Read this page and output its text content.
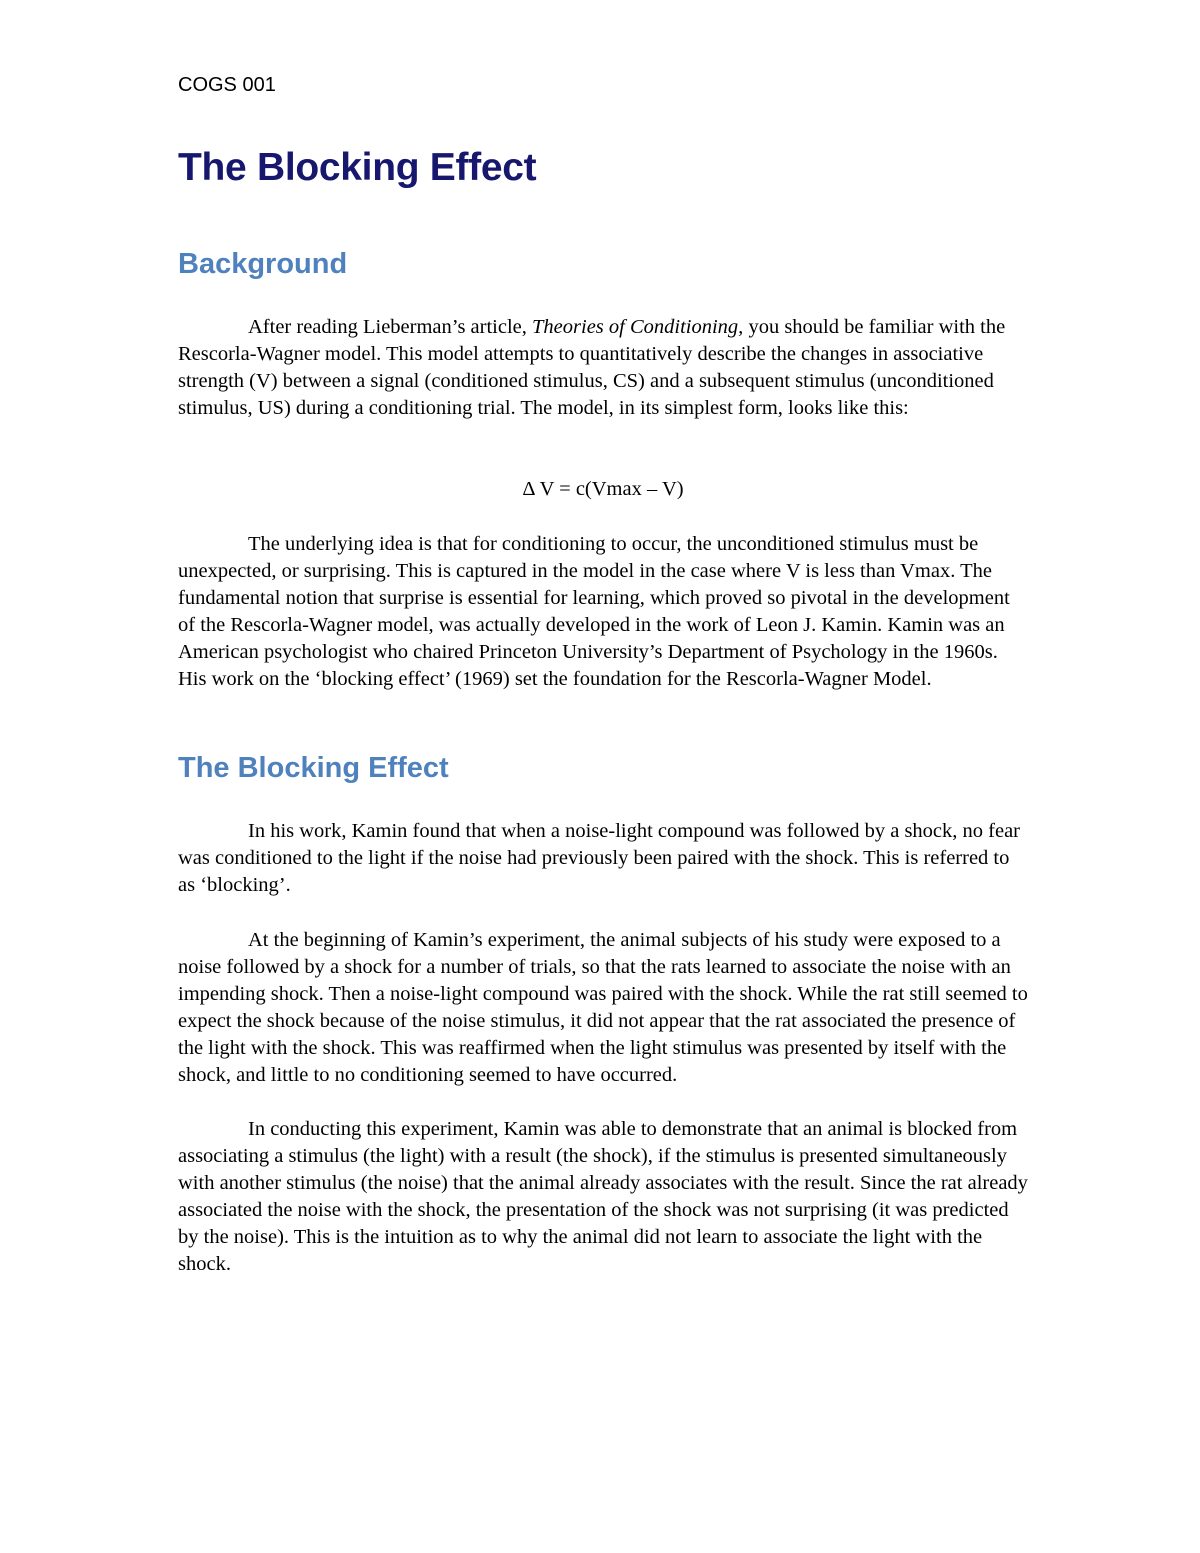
COGS 001
The Blocking Effect
Background

After reading Lieberman’s article, Theories of Conditioning, you should be familiar with the Rescorla-Wagner model. This model attempts to quantitatively describe the changes in associative strength (V) between a signal (conditioned stimulus, CS) and a subsequent stimulus (unconditioned stimulus, US) during a conditioning trial. The model, in its simplest form, looks like this:

Δ V = c(Vmax – V)

The underlying idea is that for conditioning to occur, the unconditioned stimulus must be unexpected, or surprising. This is captured in the model in the case where V is less than Vmax. The fundamental notion that surprise is essential for learning, which proved so pivotal in the development of the Rescorla-Wagner model, was actually developed in the work of Leon J. Kamin. Kamin was an American psychologist who chaired Princeton University’s Department of Psychology in the 1960s. His work on the ‘blocking effect’ (1969) set the foundation for the Rescorla-Wagner Model.

The Blocking Effect

In his work, Kamin found that when a noise-light compound was followed by a shock, no fear was conditioned to the light if the noise had previously been paired with the shock. This is referred to as ‘blocking’.

At the beginning of Kamin’s experiment, the animal subjects of his study were exposed to a noise followed by a shock for a number of trials, so that the rats learned to associate the noise with an impending shock. Then a noise-light compound was paired with the shock. While the rat still seemed to expect the shock because of the noise stimulus, it did not appear that the rat associated the presence of the light with the shock. This was reaffirmed when the light stimulus was presented by itself with the shock, and little to no conditioning seemed to have occurred.

In conducting this experiment, Kamin was able to demonstrate that an animal is blocked from associating a stimulus (the light) with a result (the shock), if the stimulus is presented simultaneously with another stimulus (the noise) that the animal already associates with the result. Since the rat already associated the noise with the shock, the presentation of the shock was not surprising (it was predicted by the noise). This is the intuition as to why the animal did not learn to associate the light with the shock.
